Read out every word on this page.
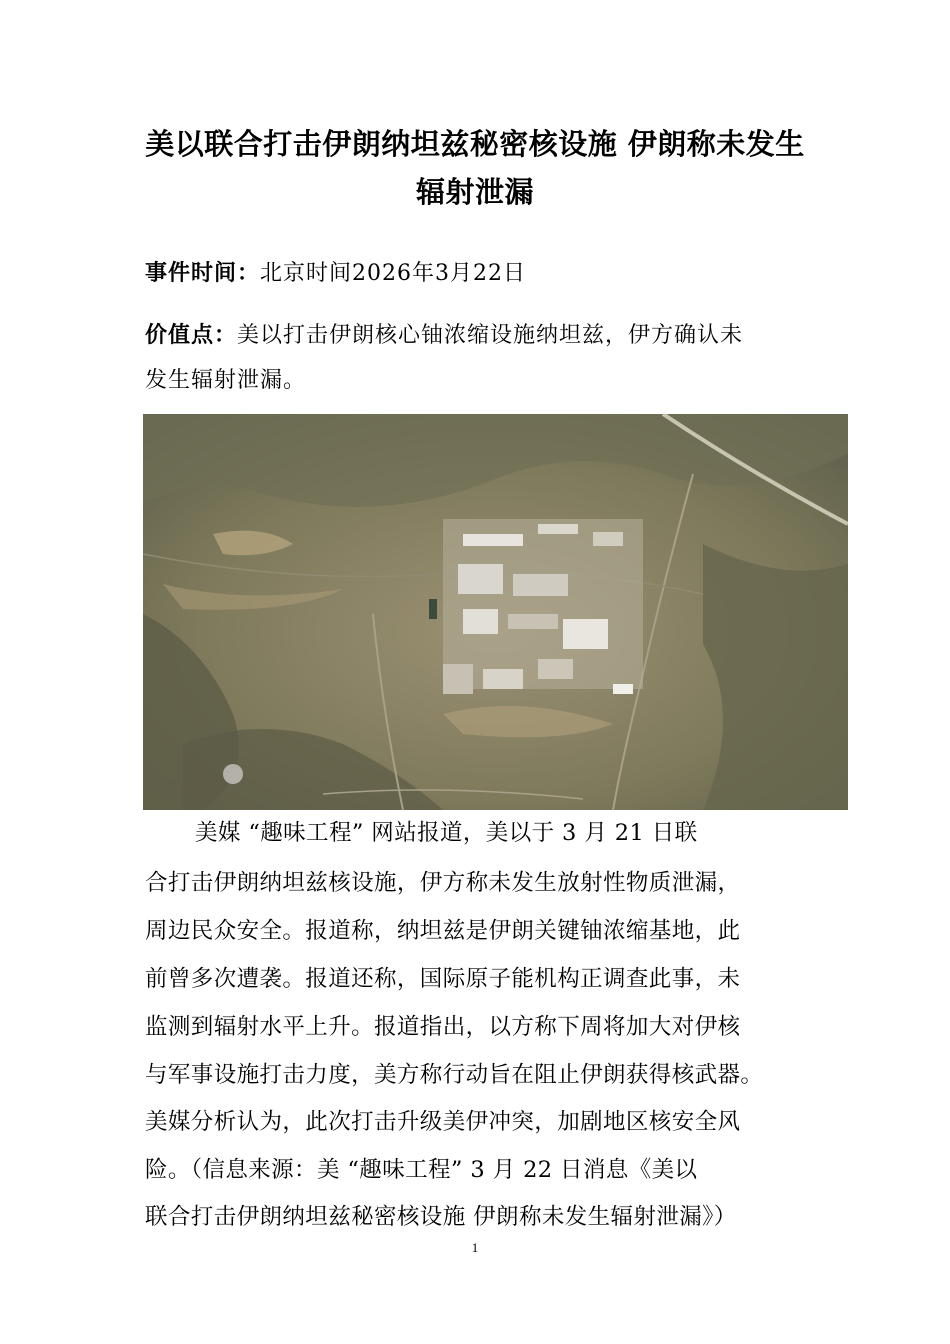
美以联合打击伊朗纳坦兹秘密核设施 伊朗称未发生
辐射泄漏
事件时间：北京时间2026年3月22日
价值点：美以打击伊朗核心铀浓缩设施纳坦兹，伊方确认未
发生辐射泄漏。
美媒 “趣味工程” 网站报道，美以于 3 月 21 日联
合打击伊朗纳坦兹核设施，伊方称未发生放射性物质泄漏，
周边民众安全。报道称，纳坦兹是伊朗关键铀浓缩基地，此
前曾多次遭袭。报道还称，国际原子能机构正调查此事，未
监测到辐射水平上升。报道指出，以方称下周将加大对伊核
与军事设施打击力度，美方称行动旨在阻止伊朗获得核武器。
美媒分析认为，此次打击升级美伊冲突，加剧地区核安全风
险。（信息来源：美 “趣味工程” 3 月 22 日消息《美以
联合打击伊朗纳坦兹秘密核设施 伊朗称未发生辐射泄漏》）
1
